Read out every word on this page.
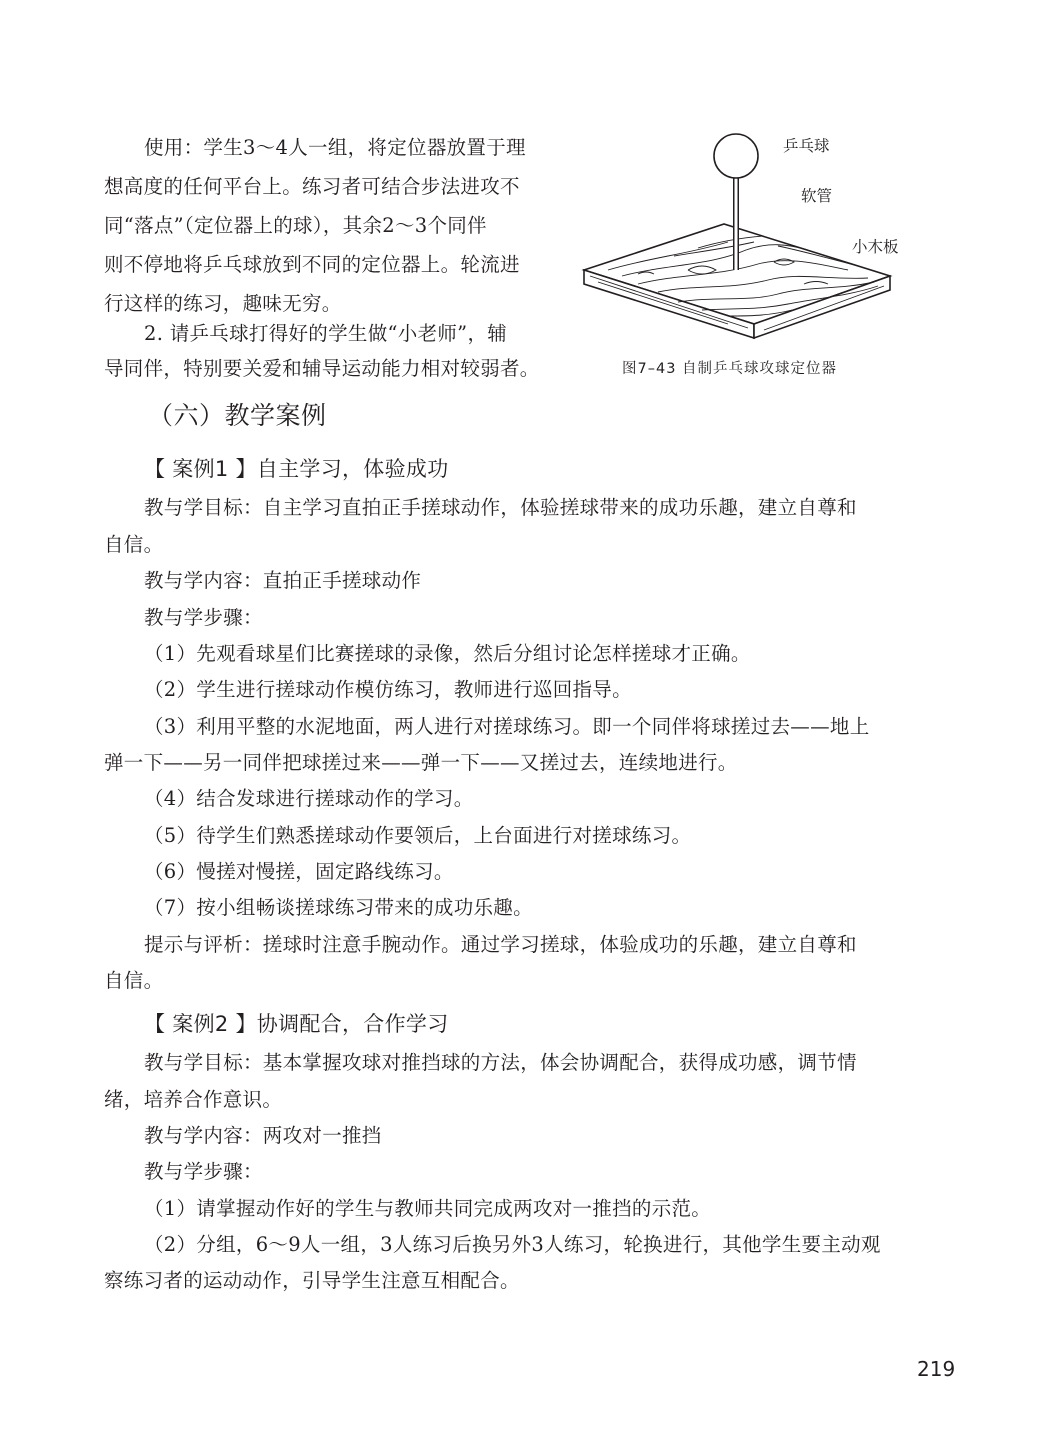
使用：学生3～4人一组，将定位器放置于理

想高度的任何平台上。练习者可结合步法进攻不

同“落点”（定位器上的球），其余2～3个同伴

则不停地将乒乓球放到不同的定位器上。轮流进

行这样的练习，趣味无穷。

2. 请乒乓球打得好的学生做“小老师”，辅

导同伴，特别要关爱和辅导运动能力相对较弱者。

乒乓球
软管
小木板
图7–43 自制乒乓球攻球定位器
（六）教学案例
【 案例1 】自主学习，体验成功

教与学目标：自主学习直拍正手搓球动作，体验搓球带来的成功乐趣，建立自尊和

自信。

教与学内容：直拍正手搓球动作

教与学步骤：

（1）先观看球星们比赛搓球的录像，然后分组讨论怎样搓球才正确。

（2）学生进行搓球动作模仿练习，教师进行巡回指导。

（3）利用平整的水泥地面，两人进行对搓球练习。即一个同伴将球搓过去——地上

弹一下——另一同伴把球搓过来——弹一下——又搓过去，连续地进行。

（4）结合发球进行搓球动作的学习。

（5）待学生们熟悉搓球动作要领后，上台面进行对搓球练习。

（6）慢搓对慢搓，固定路线练习。

（7）按小组畅谈搓球练习带来的成功乐趣。

提示与评析：搓球时注意手腕动作。通过学习搓球，体验成功的乐趣，建立自尊和

自信。

【 案例2 】协调配合，合作学习

教与学目标：基本掌握攻球对推挡球的方法，体会协调配合，获得成功感，调节情

绪，培养合作意识。

教与学内容：两攻对一推挡

教与学步骤：

（1）请掌握动作好的学生与教师共同完成两攻对一推挡的示范。

（2）分组，6～9人一组，3人练习后换另外3人练习，轮换进行，其他学生要主动观

察练习者的运动动作，引导学生注意互相配合。

219
